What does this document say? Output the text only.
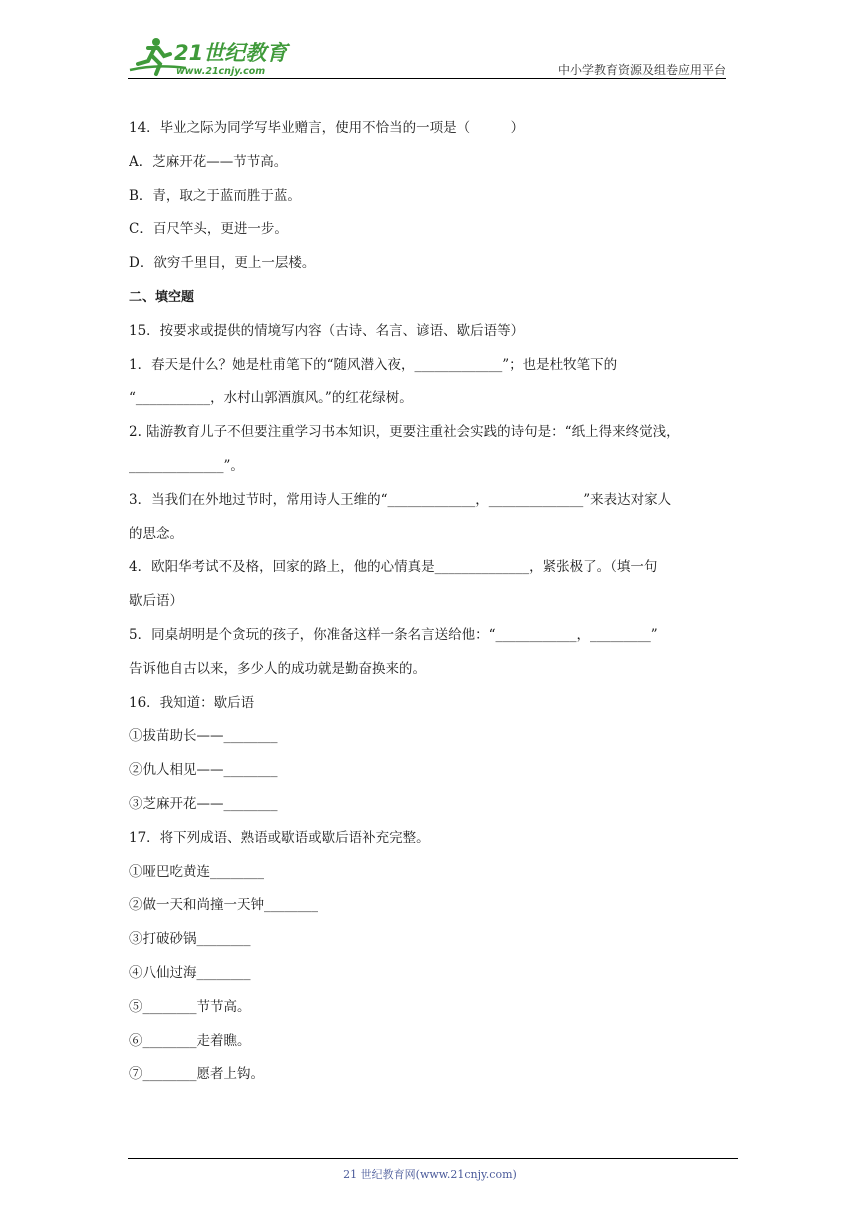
21世纪教育
www.21cnjy.com	中小学教育资源及组卷应用平台
14．毕业之际为同学写毕业赠言，使用不恰当的一项是（　　　）
A．芝麻开花——节节高。
B．青，取之于蓝而胜于蓝。
C．百尺竿头，更进一步。
D．欲穷千里目，更上一层楼。
二、填空题
15．按要求或提供的情境写内容（古诗、名言、谚语、歇后语等）
1．春天是什么？她是杜甫笔下的“随风潜入夜，_____________”；也是杜牧笔下的
“___________，水村山郭酒旗风。”的红花绿树。
2. 陆游教育儿子不但要注重学习书本知识，更要注重社会实践的诗句是：“纸上得来终觉浅，
______________”。
3．当我们在外地过节时，常用诗人王维的“_____________，______________”来表达对家人
的思念。
4．欧阳华考试不及格，回家的路上，他的心情真是______________，紧张极了。（填一句
歇后语）
5．同桌胡明是个贪玩的孩子，你准备这样一条名言送给他：“____________，_________”
告诉他自古以来，多少人的成功就是勤奋换来的。
16．我知道：歇后语
①拔苗助长——________
②仇人相见——________
③芝麻开花——________
17．将下列成语、熟语或歇语或歇后语补充完整。
①哑巴吃黄连________
②做一天和尚撞一天钟________
③打破砂锅________
④八仙过海________
⑤________节节高。
⑥________走着瞧。
⑦________愿者上钩。
21 世纪教育网(www.21cnjy.com)
